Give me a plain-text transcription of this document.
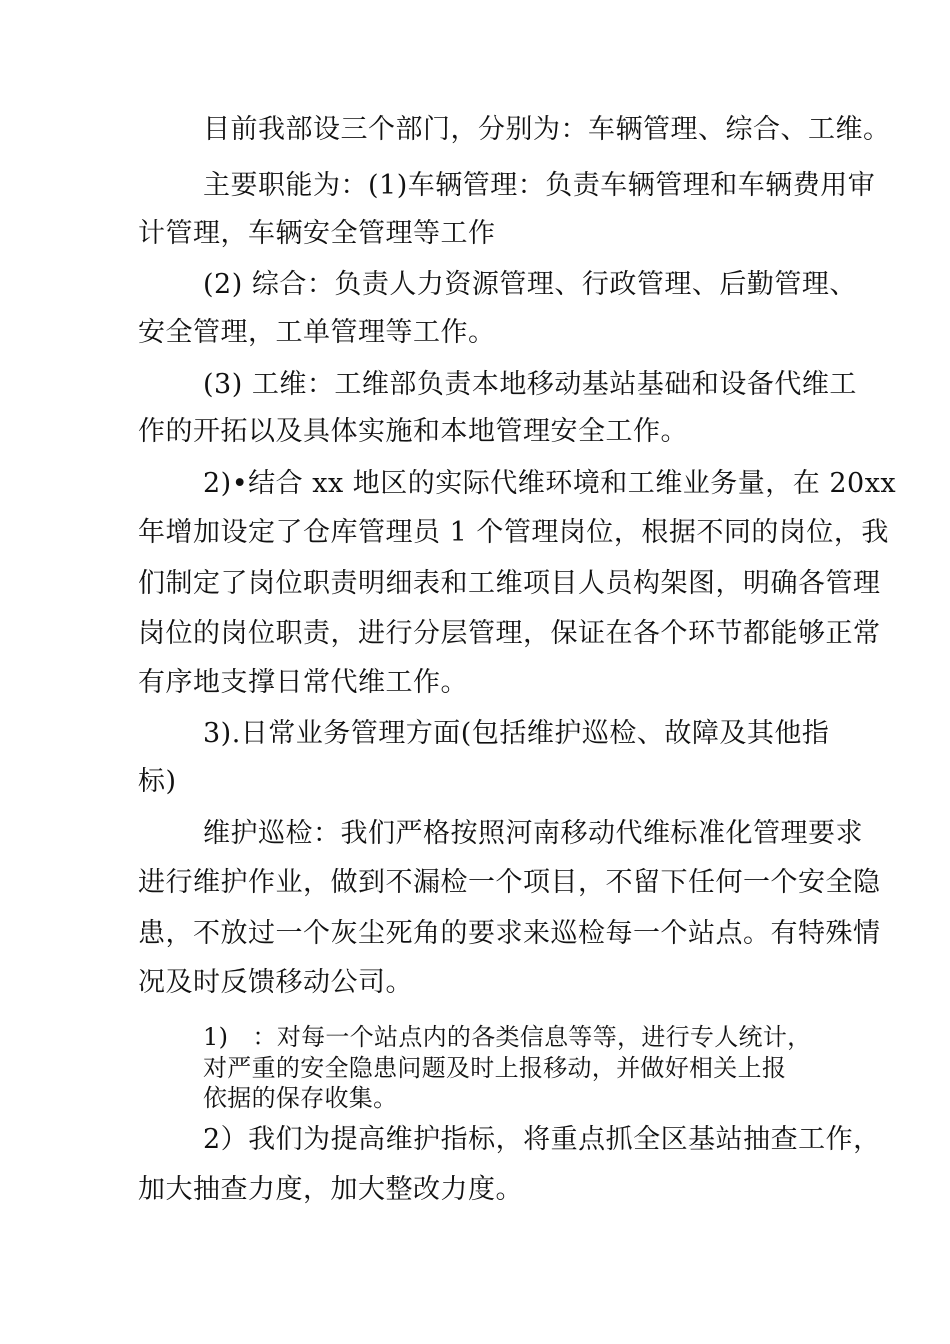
目前我部设三个部门，分别为：车辆管理、综合、工维。
主要职能为：(1)车辆管理：负责车辆管理和车辆费用审
计管理，车辆安全管理等工作
(2) 综合：负责人力资源管理、行政管理、后勤管理、
安全管理，工单管理等工作。
(3) 工维：工维部负责本地移动基站基础和设备代维工
作的开拓以及具体实施和本地管理安全工作。
2)•结合 xx 地区的实际代维环境和工维业务量，在 20xx
年增加设定了仓库管理员 1 个管理岗位，根据不同的岗位，我
们制定了岗位职责明细表和工维项目人员构架图，明确各管理
岗位的岗位职责，进行分层管理，保证在各个环节都能够正常
有序地支撑日常代维工作。
3).日常业务管理方面(包括维护巡检、故障及其他指
标)
维护巡检：我们严格按照河南移动代维标准化管理要求
进行维护作业，做到不漏检一个项目，不留下任何一个安全隐
患，不放过一个灰尘死角的要求来巡检每一个站点。有特殊情
况及时反馈移动公司。
1)　：对每一个站点内的各类信息等等，进行专人统计，
对严重的安全隐患问题及时上报移动，并做好相关上报
依据的保存收集。
2）我们为提高维护指标，将重点抓全区基站抽查工作，
加大抽查力度，加大整改力度。
